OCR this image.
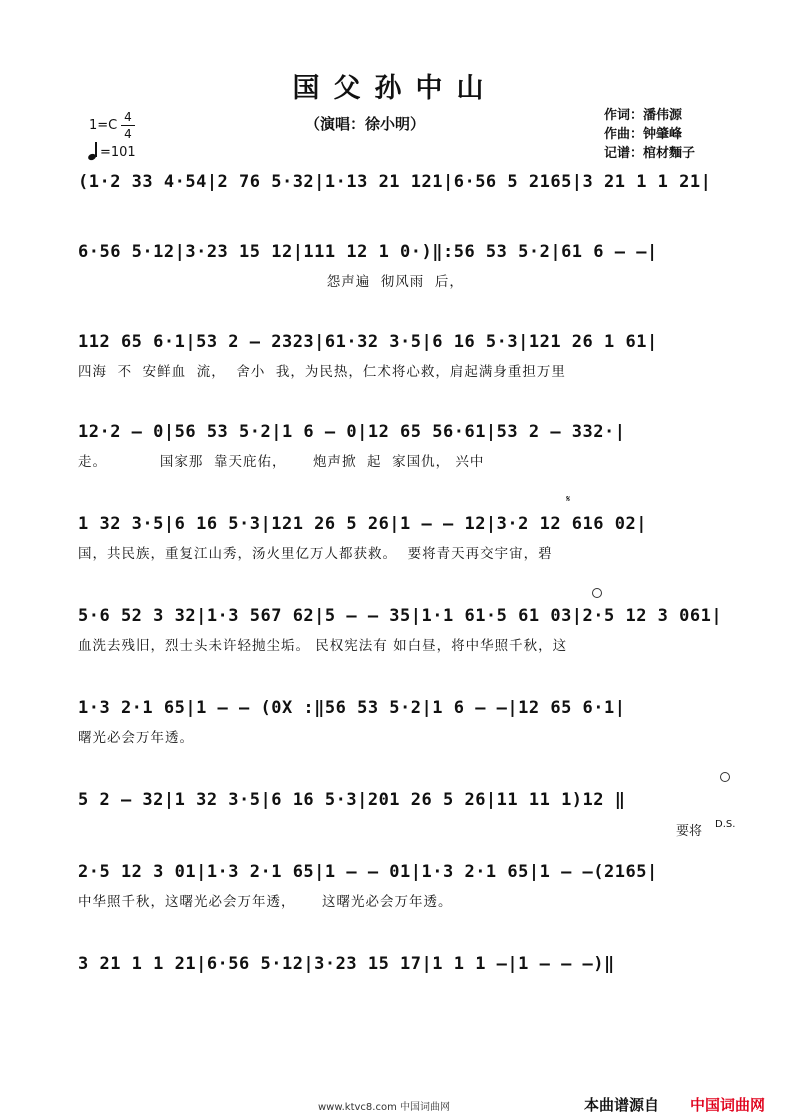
国父孙中山
（演唱：徐小明）	作词：潘伟源
作曲：钟肇峰
记谱：棺材麵子
1=C
4
4
=101
(1·2 33 4·54|2 76 5·32|1·13 21 121|6·56 5 2165|3 21 1 1 21|
6·56 5·12|3·23 15 12|111 12 1 0·)‖:56 53 5·2|61 6 – –|
怨声遍  彻风雨  后，
112 65 6·1|53 2 – 2323|61·32 3·5|6 16 5·3|121 26 1 61|
四海  不  安鲜血  流，  舍小  我，为民热，仁术将心救，肩起满身重担万里
12·2 – 0|56 53 5·2|1 6 – 0|12 65 56·61|53 2 – 332·|
走。          国家那  靠天庇佑，     炮声掀  起  家国仇， 兴中
1 32 3·5|6 16 5·3|121 26 5 26|1 – – 12|3·2 12 616 02|
国，共民族，重复江山秀，汤火里亿万人都获救。  要将青天再交宇宙，碧
5·6 52 3 32|1·3 567 62|5 – – 35|1·1 61·5 61 03|2·5 12 3 061|
血洗去残旧，烈士头未许轻抛尘垢。 民权宪法有 如白昼，将中华照千秋，这
1·3 2·1 65|1 – – (0X :‖56 53 5·2|1 6 – –|12 65 6·1|
曙光必会万年透。
5 2 – 32|1 32 3·5|6 16 5·3|201 26 5 26|11 11 1)12 ‖
2·5 12 3 01|1·3 2·1 65|1 – – 01|1·3 2·1 65|1 – –(2165|
中华照千秋，这曙光必会万年透，     这曙光必会万年透。
3 21 1 1 21|6·56 5·12|3·23 15 17|1 1 1 –|1 – – –)‖
𝄋
要将 D.S.
www.ktvc8.com 中国词曲网	本曲谱源自 中国词曲网
